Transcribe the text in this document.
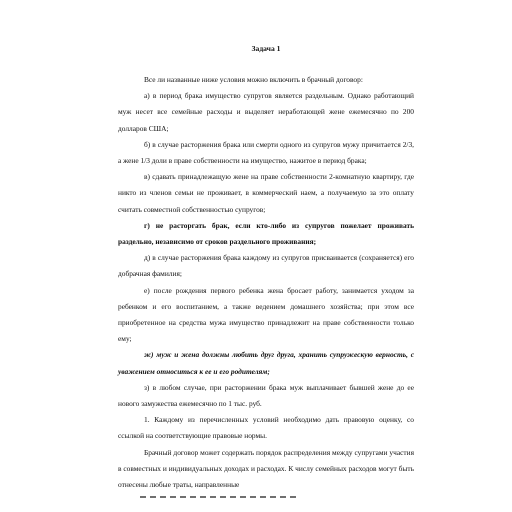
Задача 1

Все ли названные ниже условия можно включить в брачный договор:

а) в период брака имущество супругов является раздельным. Однако работающий муж несет все семейные расходы и выделяет неработающей жене ежемесячно по 200 долларов США;

б) в случае расторжения брака или смерти одного из супругов мужу причитается 2/3, а жене 1/3 доли в праве собственности на имущество, нажитое в период брака;

в) сдавать принадлежащую жене на праве собственности 2-комнатную квартиру, где никто из членов семьи не проживает, в коммерческий наем, а получаемую за это оплату считать совместной собственностью супругов;

г) не расторгать брак, если кто-либо из супругов пожелает проживать раздельно, независимо от сроков раздельного проживания;

д) в случае расторжения брака каждому из супругов присваивается (сохраняется) его добрачная фамилия;

е) после рождения первого ребенка жена бросает работу, занимается уходом за ребенком и его воспитанием, а также ведением домашнего хозяйства; при этом все приобретенное на средства мужа имущество принадлежит на праве собственности только ему;

ж) муж и жена должны любить друг друга, хранить супружескую верность, с уважением относиться к ее и его родителям;

з) в любом случае, при расторжении брака муж выплачивает бывшей жене до ее нового замужества ежемесячно по 1 тыс. руб.

1. Каждому из перечисленных условий необходимо дать правовую оценку, со ссылкой на соответствующие правовые нормы.

Брачный договор может содержать порядок распределения между супругами участия в совместных и индивидуальных доходах и расходах. К числу семейных расходов могут быть отнесены любые траты, направленные
